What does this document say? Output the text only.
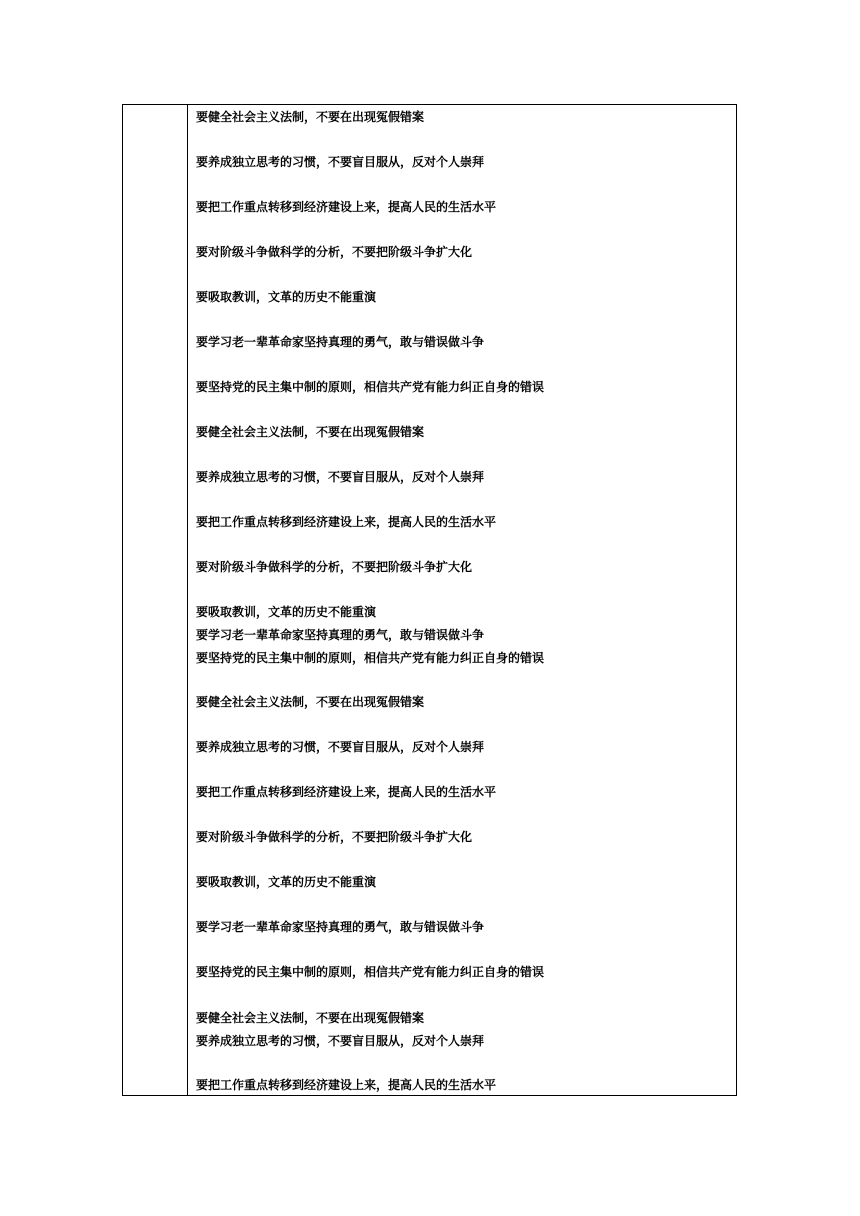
要健全社会主义法制，不要在出现冤假错案

要养成独立思考的习惯，不要盲目服从，反对个人崇拜

要把工作重点转移到经济建设上来，提高人民的生活水平

要对阶级斗争做科学的分析，不要把阶级斗争扩大化

要吸取教训，文革的历史不能重演

要学习老一辈革命家坚持真理的勇气，敢与错误做斗争

要坚持党的民主集中制的原则，相信共产党有能力纠正自身的错误

要健全社会主义法制，不要在出现冤假错案

要养成独立思考的习惯，不要盲目服从，反对个人崇拜

要把工作重点转移到经济建设上来，提高人民的生活水平

要对阶级斗争做科学的分析，不要把阶级斗争扩大化

要吸取教训，文革的历史不能重演

要学习老一辈革命家坚持真理的勇气，敢与错误做斗争

要坚持党的民主集中制的原则，相信共产党有能力纠正自身的错误

要健全社会主义法制，不要在出现冤假错案

要养成独立思考的习惯，不要盲目服从，反对个人崇拜

要把工作重点转移到经济建设上来，提高人民的生活水平

要对阶级斗争做科学的分析，不要把阶级斗争扩大化

要吸取教训，文革的历史不能重演

要学习老一辈革命家坚持真理的勇气，敢与错误做斗争

要坚持党的民主集中制的原则，相信共产党有能力纠正自身的错误

要健全社会主义法制，不要在出现冤假错案

要养成独立思考的习惯，不要盲目服从，反对个人崇拜

要把工作重点转移到经济建设上来，提高人民的生活水平
